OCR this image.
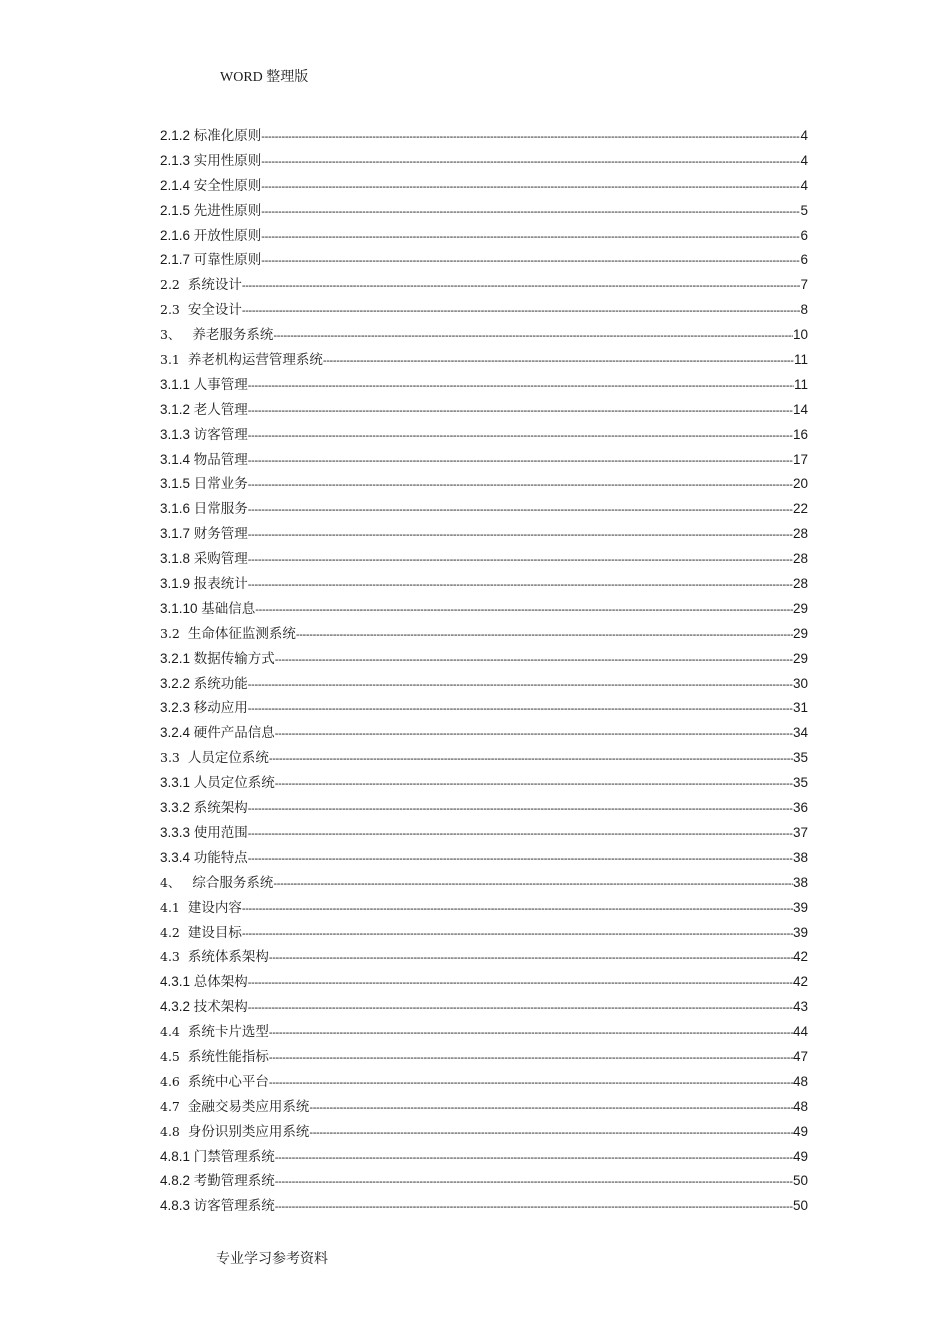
WORD 整理版
2.1.2 标准化原则 -----	4
2.1.3 实用性原则 -----	4
2.1.4 安全性原则 -----	4
2.1.5 先进性原则 -----	5
2.1.6 开放性原则 -----	6
2.1.7 可靠性原则 -----	6
2.2  系统设计 -----	7
2.3  安全设计 -----	8
3、   养老服务系统 -----	10
3.1  养老机构运营管理系统 -----	11
3.1.1 人事管理 -----	11
3.1.2 老人管理 -----	14
3.1.3 访客管理 -----	16
3.1.4 物品管理 -----	17
3.1.5 日常业务 -----	20
3.1.6 日常服务 -----	22
3.1.7 财务管理 -----	28
3.1.8 采购管理 -----	28
3.1.9 报表统计 -----	28
3.1.10 基础信息 -----	29
3.2  生命体征监测系统 -----	29
3.2.1 数据传输方式 -----	29
3.2.2 系统功能 -----	30
3.2.3 移动应用 -----	31
3.2.4 硬件产品信息 -----	34
3.3  人员定位系统 -----	35
3.3.1 人员定位系统 -----	35
3.3.2 系统架构 -----	36
3.3.3 使用范围 -----	37
3.3.4 功能特点 -----	38
4、   综合服务系统 -----	38
4.1  建设内容 -----	39
4.2  建设目标 -----	39
4.3  系统体系架构 -----	42
4.3.1 总体架构 -----	42
4.3.2 技术架构 -----	43
4.4  系统卡片选型 -----	44
4.5  系统性能指标 -----	47
4.6  系统中心平台 -----	48
4.7  金融交易类应用系统 -----	48
4.8  身份识别类应用系统 -----	49
4.8.1 门禁管理系统 -----	49
4.8.2 考勤管理系统 -----	50
4.8.3 访客管理系统 -----	50
专业学习参考资料
